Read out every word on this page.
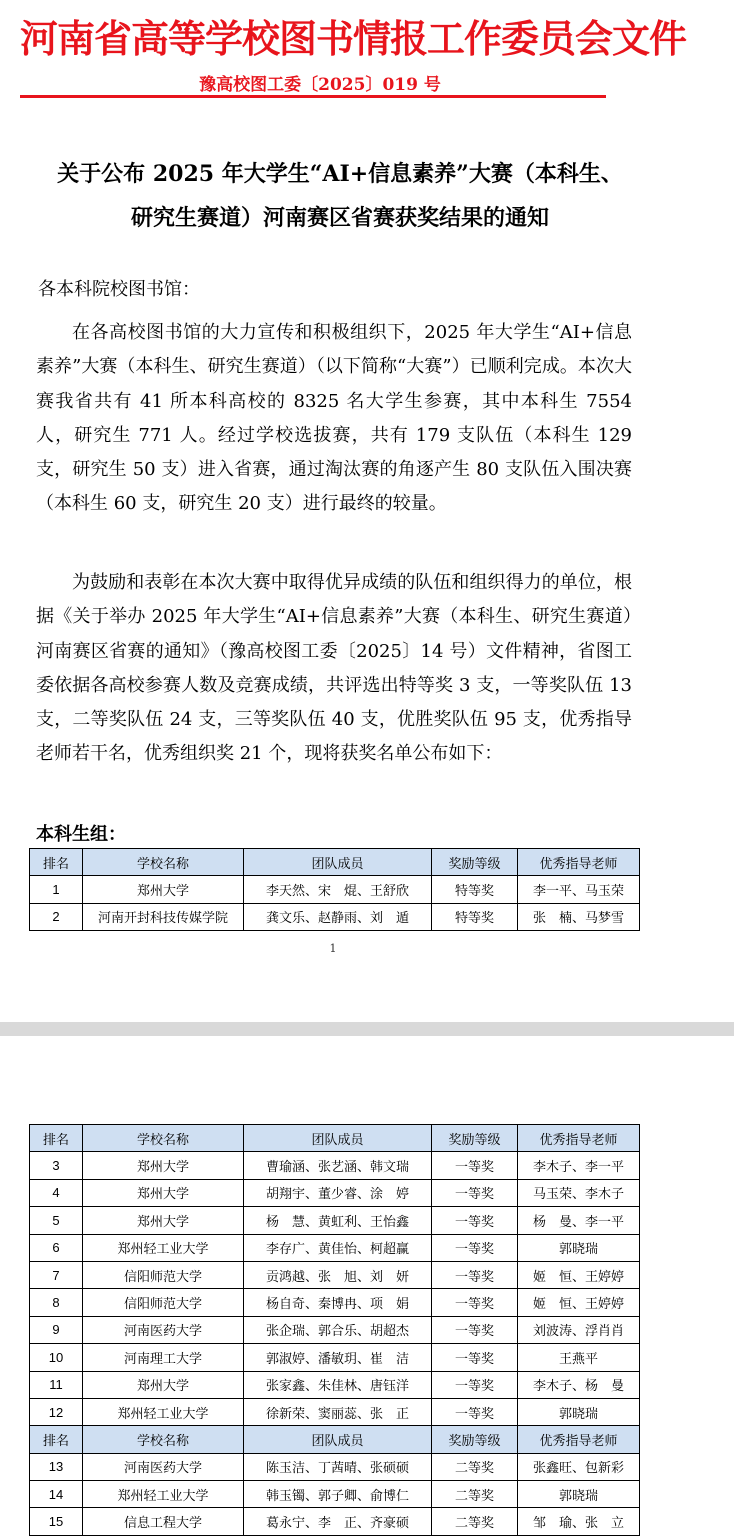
河南省高等学校图书情报工作委员会文件
豫高校图工委〔2025〕019 号
关于公布 2025 年大学生“AI+信息素养”大赛（本科生、
研究生赛道）河南赛区省赛获奖结果的通知
各本科院校图书馆：
在各高校图书馆的大力宣传和积极组织下，2025 年大学生“AI+信息素养”大赛（本科生、研究生赛道）（以下简称“大赛”）已顺利完成。本次大赛我省共有 41 所本科高校的 8325 名大学生参赛，其中本科生 7554 人，研究生 771 人。经过学校选拔赛，共有 179 支队伍（本科生 129 支，研究生 50 支）进入省赛，通过淘汰赛的角逐产生 80 支队伍入围决赛（本科生 60 支，研究生 20 支）进行最终的较量。
为鼓励和表彰在本次大赛中取得优异成绩的队伍和组织得力的单位，根据《关于举办 2025 年大学生“AI+信息素养”大赛（本科生、研究生赛道）河南赛区省赛的通知》（豫高校图工委〔2025〕14 号）文件精神，省图工委依据各高校参赛人数及竞赛成绩，共评选出特等奖 3 支，一等奖队伍 13 支，二等奖队伍 24 支，三等奖队伍 40 支，优胜奖队伍 95 支，优秀指导老师若干名，优秀组织奖 21 个，现将获奖名单公布如下：
本科生组：
排名	学校名称	团队成员	奖励等级	优秀指导老师
1	郑州大学	李天然、宋　焜、王舒欣	特等奖	李一平、马玉荣
2	河南开封科技传媒学院	龚文乐、赵静雨、刘　遁	特等奖	张　楠、马梦雪
1
排名	学校名称	团队成员	奖励等级	优秀指导老师
3	郑州大学	曹瑜涵、张艺涵、韩文瑞	一等奖	李木子、李一平
4	郑州大学	胡翔宇、董少睿、涂　婷	一等奖	马玉荣、李木子
5	郑州大学	杨　慧、黄虹利、王怡鑫	一等奖	杨　曼、李一平
6	郑州轻工业大学	李存广、黄佳怡、柯超赢	一等奖	郭晓瑞
7	信阳师范大学	贡鸿越、张　旭、刘　妍	一等奖	姬　恒、王婷婷
8	信阳师范大学	杨自奇、秦博冉、项　娟	一等奖	姬　恒、王婷婷
9	河南医药大学	张企瑞、郭合乐、胡超杰	一等奖	刘波涛、浮肖肖
10	河南理工大学	郭淑婷、潘敏玥、崔　洁	一等奖	王燕平
11	郑州大学	张家鑫、朱佳林、唐钰洋	一等奖	李木子、杨　曼
12	郑州轻工业大学	徐新荣、窦丽蕊、张　正	一等奖	郭晓瑞
排名	学校名称	团队成员	奖励等级	优秀指导老师
13	河南医药大学	陈玉洁、丁茜晴、张硕硕	二等奖	张鑫旺、包新彩
14	郑州轻工业大学	韩玉镯、郭子卿、俞博仁	二等奖	郭晓瑞
15	信息工程大学	葛永宁、李　正、齐豪硕	二等奖	邹　瑜、张　立
